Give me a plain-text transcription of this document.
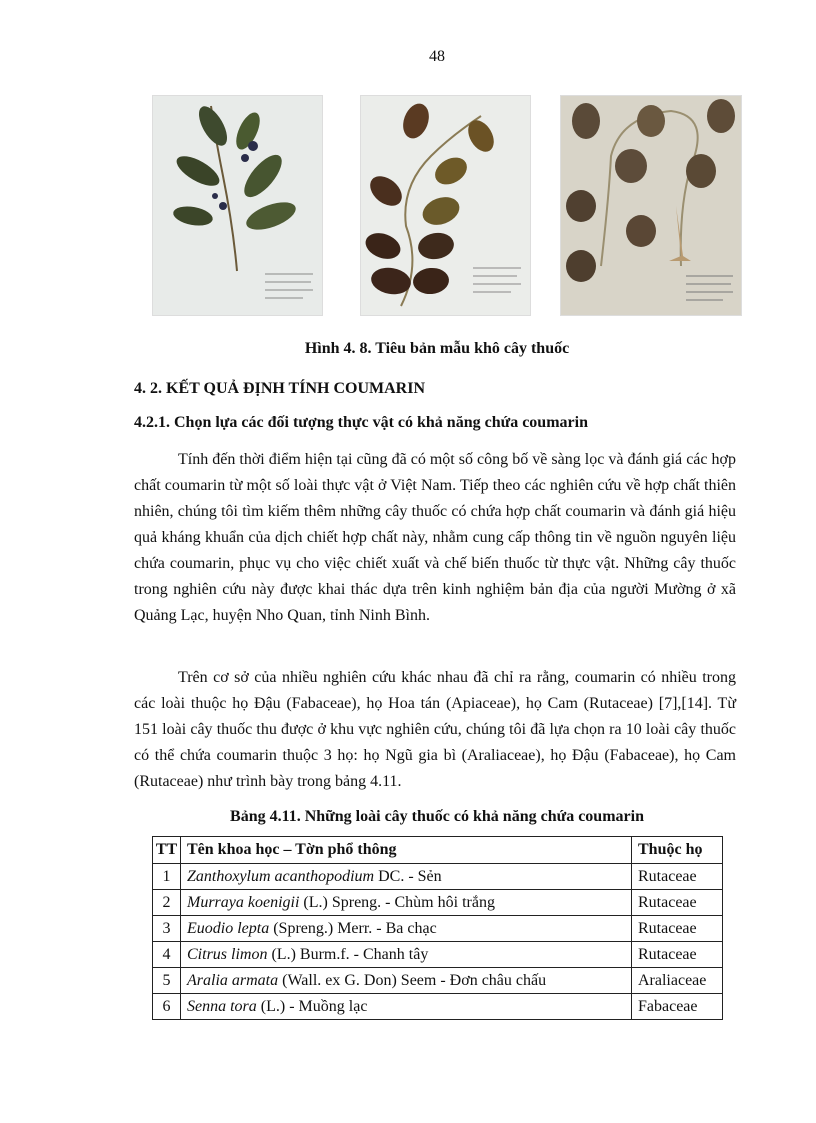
48
Hình 4. 8. Tiêu bản mẫu khô cây thuốc
4. 2. KẾT QUẢ ĐỊNH TÍNH COUMARIN
4.2.1. Chọn lựa các đối tượng thực vật có khả năng chứa coumarin

Tính đến thời điểm hiện tại cũng đã có một số công bố về sàng lọc và đánh giá các hợp chất coumarin từ một số loài thực vật ở Việt Nam. Tiếp theo các nghiên cứu về hợp chất thiên nhiên, chúng tôi tìm kiếm thêm những cây thuốc có chứa hợp chất coumarin và đánh giá hiệu quả kháng khuẩn của dịch chiết hợp chất này, nhằm cung cấp thông tin về nguồn nguyên liệu chứa coumarin, phục vụ cho việc chiết xuất và chế biến thuốc từ thực vật. Những cây thuốc trong nghiên cứu này được khai thác dựa trên kinh nghiệm bản địa của người Mường ở xã Quảng Lạc, huyện Nho Quan, tỉnh Ninh Bình.

Trên cơ sở của nhiều nghiên cứu khác nhau đã chỉ ra rằng, coumarin có nhiều trong các loài thuộc họ Đậu (Fabaceae), họ Hoa tán (Apiaceae), họ Cam (Rutaceae) [7],[14]. Từ 151 loài cây thuốc thu được ở khu vực nghiên cứu, chúng tôi đã lựa chọn ra 10 loài cây thuốc có thể chứa coumarin thuộc 3 họ: họ Ngũ gia bì (Araliaceae), họ Đậu (Fabaceae), họ Cam (Rutaceae) như trình bày trong bảng 4.11.

Bảng 4.11. Những loài cây thuốc có khả năng chứa coumarin
TT	Tên khoa học – Tờn phổ thông	Thuộc họ
1	Zanthoxylum acanthopodium DC. - Sẻn	Rutaceae
2	Murraya koenigii (L.) Spreng. - Chùm hôi trắng	Rutaceae
3	Euodio lepta (Spreng.) Merr. - Ba chạc	Rutaceae
4	Citrus limon (L.) Burm.f. - Chanh tây	Rutaceae
5	Aralia armata (Wall. ex G. Don) Seem - Đơn châu chấu	Araliaceae
6	Senna tora (L.) - Muồng lạc	Fabaceae
